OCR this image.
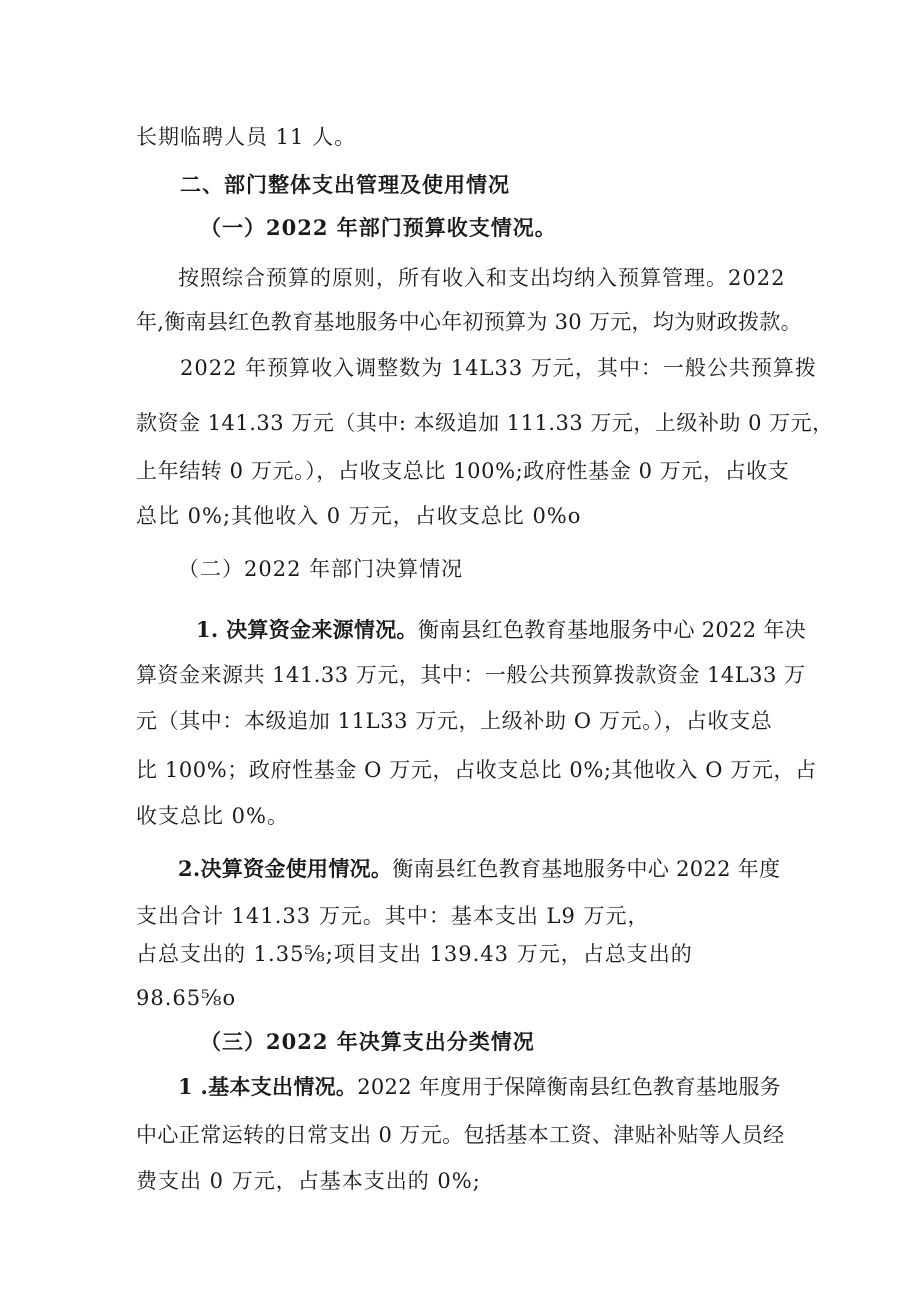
长期临聘人员 11 人。
二、部门整体支出管理及使用情况
（一）2022 年部门预算收支情况。
按照综合预算的原则，所有收入和支出均纳入预算管理。2022
年,衡南县红色教育基地服务中心年初预算为 30 万元，均为财政拨款。
2022 年预算收入调整数为 14L33 万元，其中：一般公共预算拨
款资金 141.33 万元（其中: 本级追加 111.33 万元，上级补助 0 万元，
上年结转 0 万元。），占收支总比 100%;政府性基金 0 万元，占收支
总比 0%;其他收入 0 万元，占收支总比 0%o
（二）2022 年部门决算情况
1. 决算资金来源情况。衡南县红色教育基地服务中心 2022 年决
算资金来源共 141.33 万元，其中：一般公共预算拨款资金 14L33 万
元（其中：本级追加 11L33 万元，上级补助 O 万元。），占收支总
比 100%；政府性基金 O 万元，占收支总比 0%;其他收入 O 万元，占
收支总比 0%。
2.决算资金使用情况。衡南县红色教育基地服务中心 2022 年度
支出合计 141.33 万元。其中：基本支出 L9 万元，
占总支出的 1.35⅝;项目支出 139.43 万元，占总支出的
98.65⅝o
（三）2022 年决算支出分类情况
1 .基本支出情况。2022 年度用于保障衡南县红色教育基地服务
中心正常运转的日常支出 0 万元。包括基本工资、津贴补贴等人员经
费支出 0 万元，占基本支出的 0%;
